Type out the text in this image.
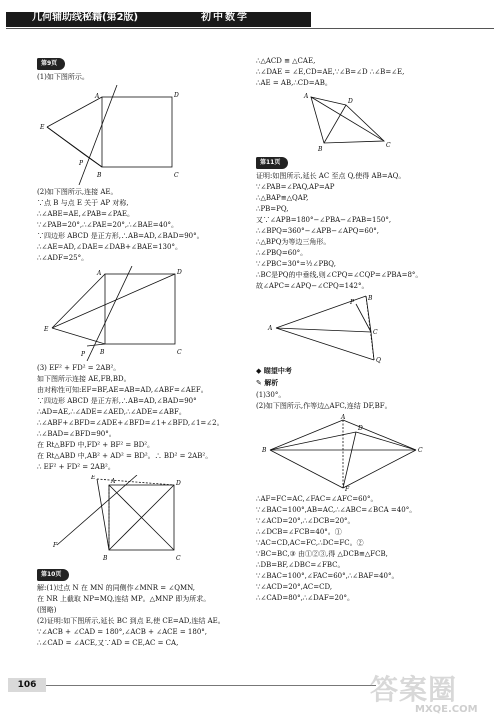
几何辅助线秘籍(第2版)	初中数学
第9页
(1)如下图所示。
A
B	C
D
E
P
(2)如下图所示,连接 AE。
∵点 B 与点 E 关于 AP 对称,
∴∠ABE=AE,∠PAB=∠PAE。
∵∠PAB=20°,∴∠PAE=20°,∴∠BAE=40°。
∵四边形 ABCD 是正方形,∴AB=AD,∠BAD=90°。
∴∠AE=AD,∠DAE=∠DAB+∠BAE=130°。
∴∠ADF=25°。
A
B	C
D
E
P
(3) EF² + FD² = 2AB²。
如下图所示连接 AE,FB,BD。
由对称性可知:EF=BF,AE=AB=AD,∠ABF=∠AEF。
∵四边形 ABCD 是正方形,∴AB=AD,∠BAD=90°
∴AD=AE,∴∠ADE=∠AED,∴∠ADE=∠ABF。
∴∠ABF+∠BFD=∠ADE+∠BFD=∠1+∠BFD,∠1=∠2。
∴∠BAD=∠BFD=90°。
在 Rt△BFD 中,FD² + BF² = BD²。
在 Rt△ABD 中,AB² + AD² = BD²。∴ BD² = 2AB²。
∴ EF² + FD² = 2AB²。
A
B	C
D
E
F
第10页
解:(1)过点 N 在 MN 的同侧作∠MNR = ∠QMN,
在 NR 上截取 NP=MQ,连结 MP。△MNP 即为所求。
(图略)
(2)证明:如下图所示,延长 BC 到点 E,使 CE=AD,连结 AE。
∵∠ACB + ∠CAD = 180°,∠ACB + ∠ACE = 180°,
∴∠CAD = ∠ACE,又∵AD = CE,AC = CA,
∴△ACD ≌ △CAE,
∴∠DAE = ∠E,CD=AE,∵∠B=∠D ∴∠B=∠E,
∴AE = AB,∴CD=AB。
A
B
C
D
第11页
证明:如图所示,延长 AC 至点 Q,使得 AB=AQ。
∵∠PAB=∠PAQ,AP=AP
∴△BAP≌△QAP,
∴PB=PQ,
又∵∠APB=180°−∠PBA−∠PAB=150°,
∴∠BPQ=360°−∠APB−∠APQ=60°,
∴△BPQ为等边三角形。
∴∠PBQ=60°。
∵∠PBC=30°=½∠PBQ,
∴BC是PQ的中垂线,则∠CPQ=∠CQP=∠PBA=8°。
故∠APC=∠APQ−∠CPQ=142°。
A
B
C
P
Q
◆ 瞄望中考
✎ 解析
(1)30°。
(2)如下图所示,作等边△AFC,连结 DF,BF。
A
B	C
D
F
∴AF=FC=AC,∠FAC=∠AFC=60°。
∵∠BAC=100°,AB=AC,∴∠ABC=∠BCA =40°。
∵∠ACD=20°,∴∠DCB=20°。
∴∠DCB=∠FCB=40°。①
∵AC=CD,AC=FC,∴DC=FC。②
∵BC=BC,③ 由①②③,得 △DCB≌△FCB,
∴DB=BF,∠DBC=∠FBC。
∵∠BAC=100°,∠FAC=60°,∴∠BAF=40°。
∵∠ACD=20°,AC=CD,
∴∠CAD=80°,∴∠DAF=20°。
106	答案圈
MXQE.COM
